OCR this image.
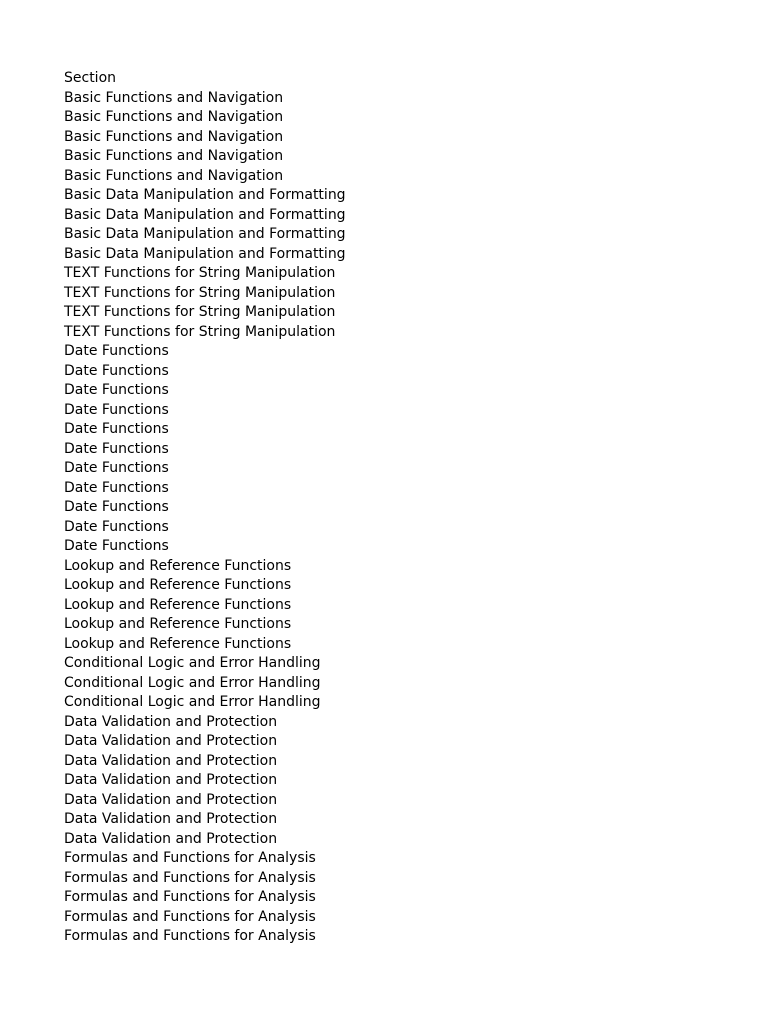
Section
Basic Functions and Navigation
Basic Functions and Navigation
Basic Functions and Navigation
Basic Functions and Navigation
Basic Functions and Navigation
Basic Data Manipulation and Formatting
Basic Data Manipulation and Formatting
Basic Data Manipulation and Formatting
Basic Data Manipulation and Formatting
TEXT Functions for String Manipulation
TEXT Functions for String Manipulation
TEXT Functions for String Manipulation
TEXT Functions for String Manipulation
Date Functions
Date Functions
Date Functions
Date Functions
Date Functions
Date Functions
Date Functions
Date Functions
Date Functions
Date Functions
Date Functions
Lookup and Reference Functions
Lookup and Reference Functions
Lookup and Reference Functions
Lookup and Reference Functions
Lookup and Reference Functions
Conditional Logic and Error Handling
Conditional Logic and Error Handling
Conditional Logic and Error Handling
Data Validation and Protection
Data Validation and Protection
Data Validation and Protection
Data Validation and Protection
Data Validation and Protection
Data Validation and Protection
Data Validation and Protection
Formulas and Functions for Analysis
Formulas and Functions for Analysis
Formulas and Functions for Analysis
Formulas and Functions for Analysis
Formulas and Functions for Analysis
